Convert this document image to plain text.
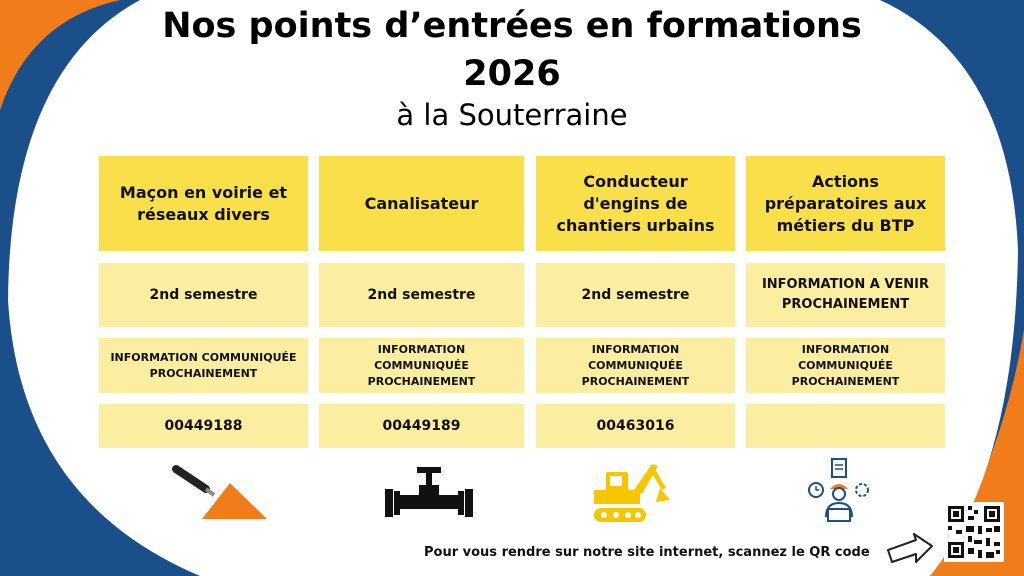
Nos points d’entrées en formations
2026
à la Souterraine
Maçon en voirie et réseaux divers
2nd semestre
INFORMATION COMMUNIQUÉE PROCHAINEMENT
00449188
Canalisateur
2nd semestre
INFORMATION COMMUNIQUÉE PROCHAINEMENT
00449189
Conducteur d'engins de chantiers urbains
2nd semestre
INFORMATION COMMUNIQUÉE PROCHAINEMENT
00463016
Actions préparatoires aux métiers du BTP
INFORMATION A VENIR PROCHAINEMENT
INFORMATION COMMUNIQUÉE PROCHAINEMENT
Pour vous rendre sur notre site internet, scannez le QR code
